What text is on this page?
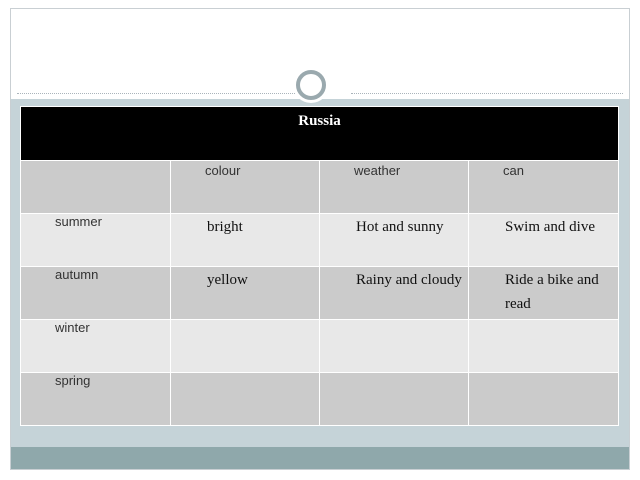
Russia			

	colour	weather	can

summer	bright	Hot and sunny	Swim and dive

autumn	yellow	Rainy and cloudy	Ride a bike and read

winter			

spring			
